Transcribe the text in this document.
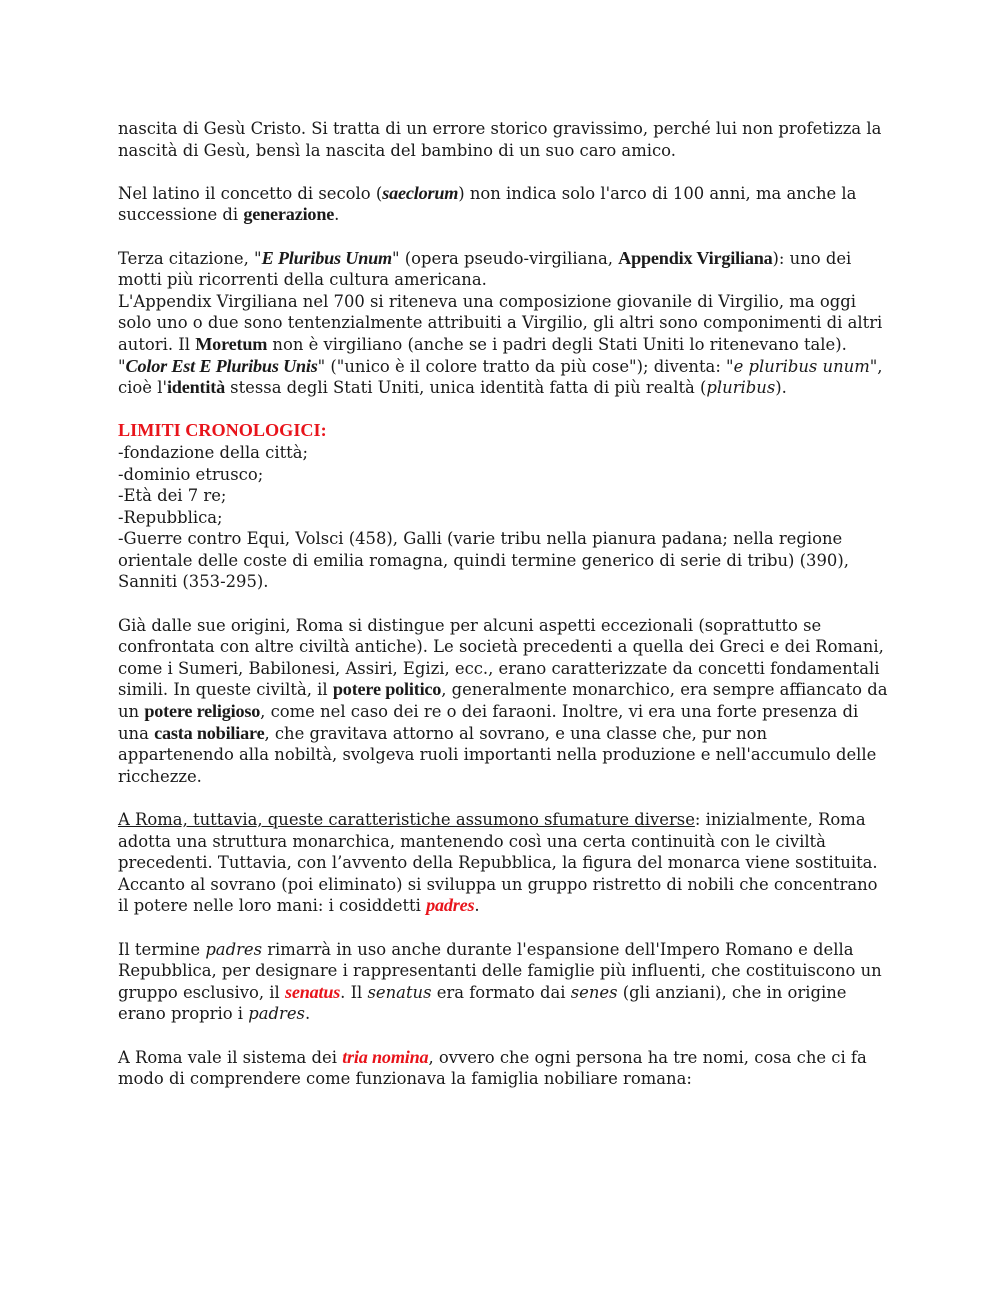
nascita di Gesù Cristo. Si tratta di un errore storico gravissimo, perché lui non profetizza la nascità di Gesù, bensì la nascita del bambino di un suo caro amico.

Nel latino il concetto di secolo (saeclorum) non indica solo l'arco di 100 anni, ma anche la successione di generazione.

Terza citazione, "E Pluribus Unum" (opera pseudo-virgiliana, Appendix Virgiliana): uno dei motti più ricorrenti della cultura americana.

L'Appendix Virgiliana nel 700 si riteneva una composizione giovanile di Virgilio, ma oggi solo uno o due sono tentenzialmente attribuiti a Virgilio, gli altri sono componimenti di altri autori. Il Moretum non è virgiliano (anche se i padri degli Stati Uniti lo ritenevano tale).

"Color Est E Pluribus Unis" ("unico è il colore tratto da più cose"); diventa: "e pluribus unum", cioè l'identità stessa degli Stati Uniti, unica identità fatta di più realtà (pluribus).

LIMITI CRONOLOGICI:

-fondazione della città;

-dominio etrusco;

-Età dei 7 re;

-Repubblica;

-Guerre contro Equi, Volsci (458), Galli (varie tribu nella pianura padana; nella regione orientale delle coste di emilia romagna, quindi termine generico di serie di tribu) (390), Sanniti (353-295).

Già dalle sue origini, Roma si distingue per alcuni aspetti eccezionali (soprattutto se confrontata con altre civiltà antiche). Le società precedenti a quella dei Greci e dei Romani, come i Sumeri, Babilonesi, Assiri, Egizi, ecc., erano caratterizzate da concetti fondamentali simili. In queste civiltà, il potere politico, generalmente monarchico, era sempre affiancato da un potere religioso, come nel caso dei re o dei faraoni. Inoltre, vi era una forte presenza di una casta nobiliare, che gravitava attorno al sovrano, e una classe che, pur non appartenendo alla nobiltà, svolgeva ruoli importanti nella produzione e nell'accumulo delle ricchezze.

A Roma, tuttavia, queste caratteristiche assumono sfumature diverse: inizialmente, Roma adotta una struttura monarchica, mantenendo così una certa continuità con le civiltà precedenti. Tuttavia, con l’avvento della Repubblica, la figura del monarca viene sostituita. Accanto al sovrano (poi eliminato) si sviluppa un gruppo ristretto di nobili che concentrano il potere nelle loro mani: i cosiddetti padres.

Il termine padres rimarrà in uso anche durante l'espansione dell'Impero Romano e della Repubblica, per designare i rappresentanti delle famiglie più influenti, che costituiscono un gruppo esclusivo, il senatus. Il senatus era formato dai senes (gli anziani), che in origine erano proprio i padres.

A Roma vale il sistema dei tria nomina, ovvero che ogni persona ha tre nomi, cosa che ci fa modo di comprendere come funzionava la famiglia nobiliare romana:
